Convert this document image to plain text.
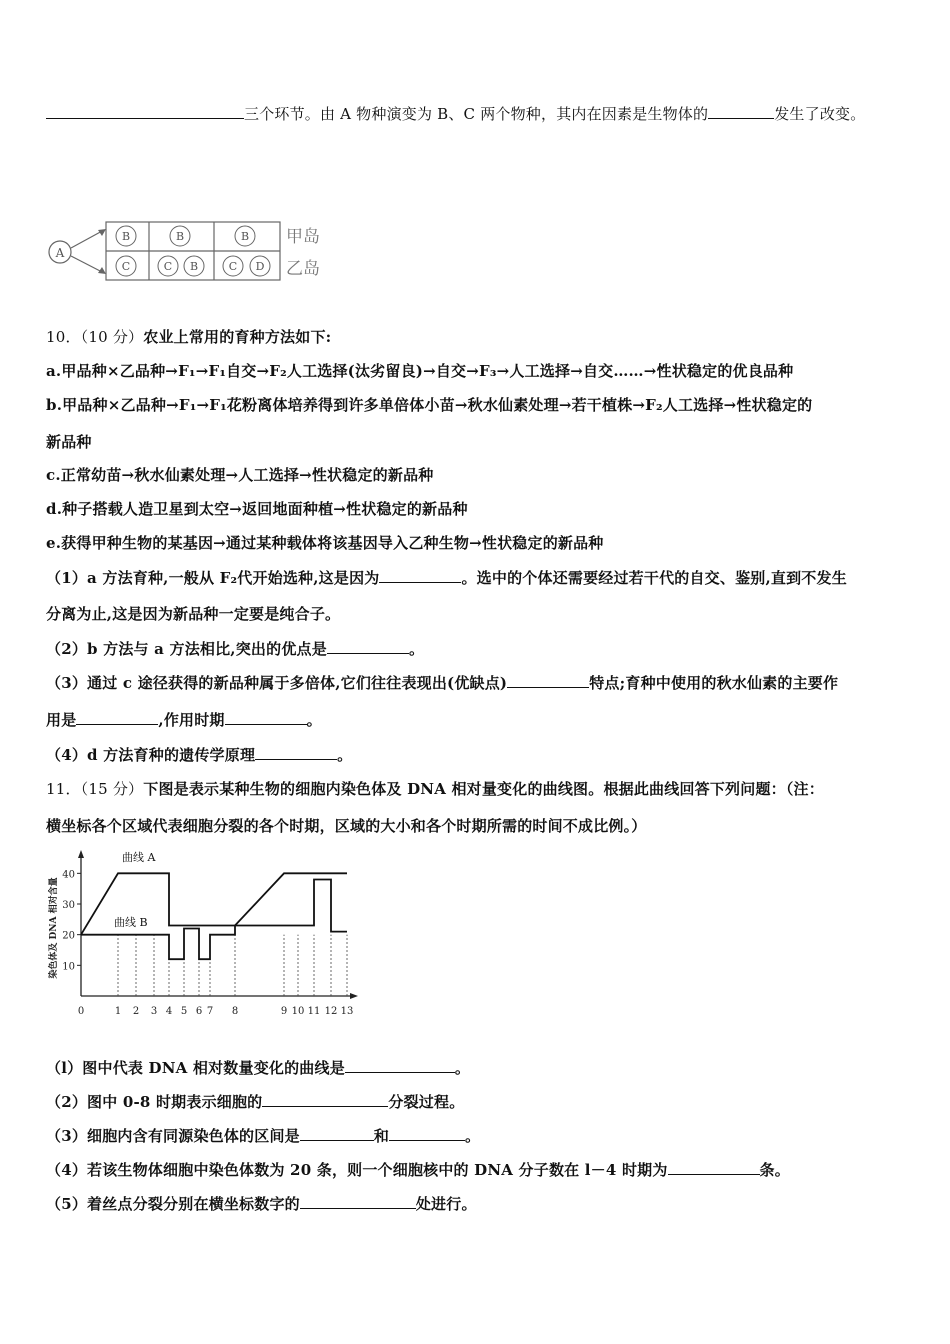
三个环节。由 A 物种演变为 B、C 两个物种，其内在因素是生物体的	发生了改变。
A
B	B	B
C	C B	C D
甲岛
乙岛
10．（10 分）农业上常用的育种方法如下:
a.甲品种×乙品种→F₁→F₁自交→F₂人工选择(汰劣留良)→自交→F₃→人工选择→自交……→性状稳定的优良品种
b.甲品种×乙品种→F₁→F₁花粉离体培养得到许多单倍体小苗→秋水仙素处理→若干植株→F₂人工选择→性状稳定的
新品种
c.正常幼苗→秋水仙素处理→人工选择→性状稳定的新品种
d.种子搭载人造卫星到太空→返回地面种植→性状稳定的新品种
e.获得甲种生物的某基因→通过某种载体将该基因导入乙种生物→性状稳定的新品种
（1）a 方法育种,一般从 F₂代开始选种,这是因为	。选中的个体还需要经过若干代的自交、鉴别,直到不发生
分离为止,这是因为新品种一定要是纯合子。
（2）b 方法与 a 方法相比,突出的优点是	。
（3）通过 c 途径获得的新品种属于多倍体,它们往往表现出(优缺点)	特点;育种中使用的秋水仙素的主要作
用是	,作用时期	。
（4）d 方法育种的遗传学原理	。
11．（15 分）下图是表示某种生物的细胞内染色体及 DNA 相对量变化的曲线图。根据此曲线回答下列问题：（注：
横坐标各个区域代表细胞分裂的各个时期，区域的大小和各个时期所需的时间不成比例。）
10
20
30
40
染色体及 DNA 相对含量
0	1 2 3 4 5 6 7 8	9 10 11 12 13
曲线 A
曲线 B
（l）图中代表 DNA 相对数量变化的曲线是	。
（2）图中 0-8 时期表示细胞的	分裂过程。
（3）细胞内含有同源染色体的区间是	和	。
（4）若该生物体细胞中染色体数为 20 条，则一个细胞核中的 DNA 分子数在 l－4 时期为	条。
（5）着丝点分裂分别在横坐标数字的	处进行。
